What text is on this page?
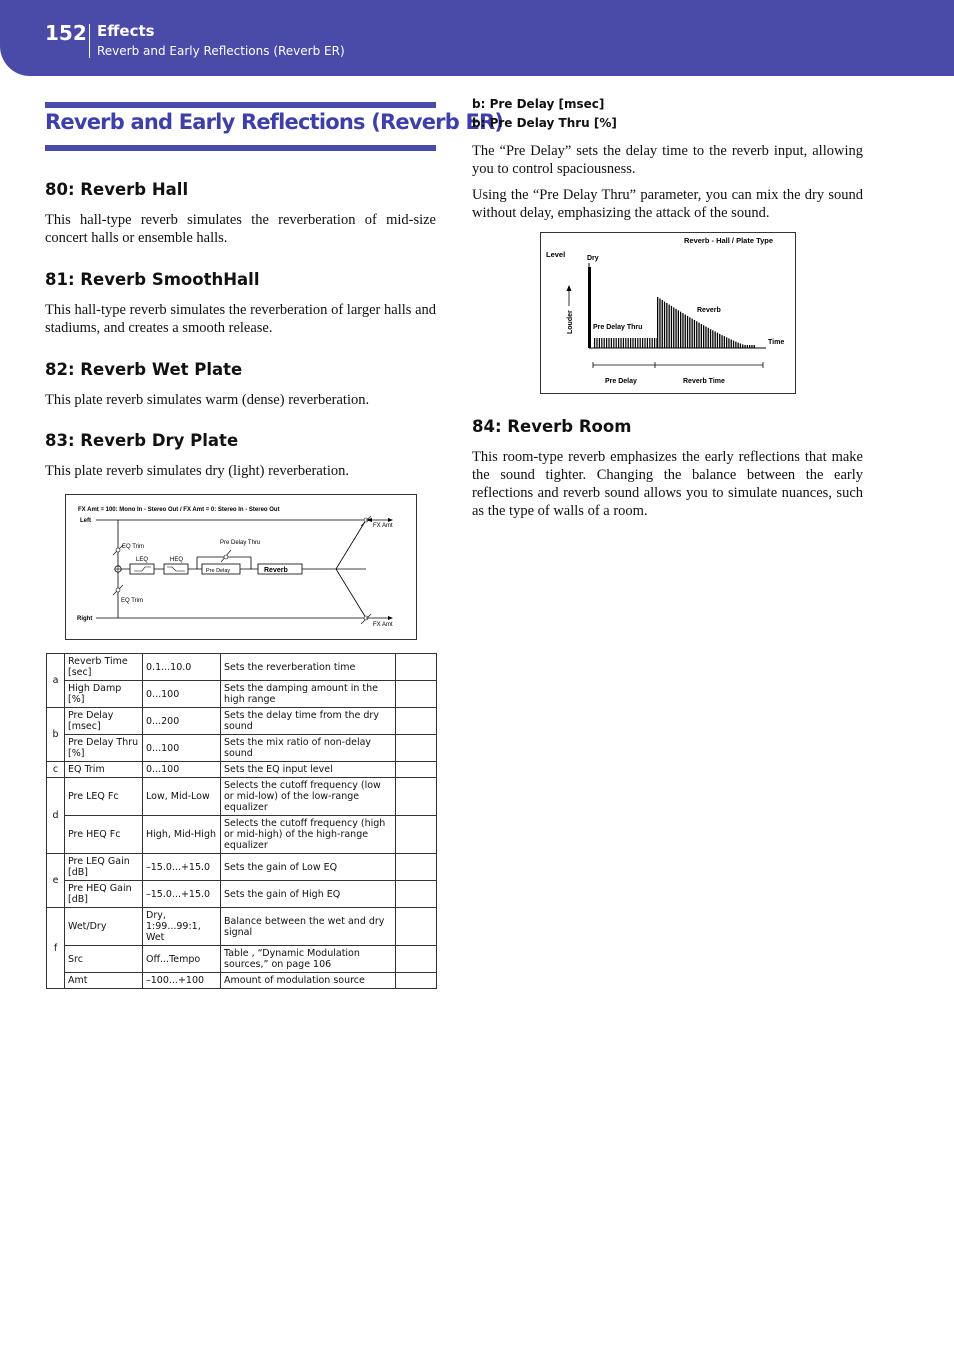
152 Effects
Reverb and Early Reflections (Reverb ER)
Reverb and Early Reflections (Reverb ER)
80: Reverb Hall
This hall-type reverb simulates the reverberation of mid-size concert halls or ensemble halls.
81: Reverb SmoothHall
This hall-type reverb simulates the reverberation of larger halls and stadiums, and creates a smooth release.
82: Reverb Wet Plate
This plate reverb simulates warm (dense) reverberation.
83: Reverb Dry Plate
This plate reverb simulates dry (light) reverberation.
FX Amt = 100: Mono In - Stereo Out / FX Amt = 0: Stereo In - Stereo Out
Left
Right
EQ Trim
EQ Trim
LEQ	HEQ
Pre Delay Thru
Pre Delay	Reverb
FX Amt
FX Amt
a	Reverb Time [sec]	0.1...10.0	Sets the reverberation time	
	High Damp [%]	0...100	Sets the damping amount in the high range	
b	Pre Delay [msec]	0...200	Sets the delay time from the dry sound	
	Pre Delay Thru [%]	0...100	Sets the mix ratio of non-delay sound	
c	EQ Trim	0...100	Sets the EQ input level	
d	Pre LEQ Fc	Low, Mid-Low	Selects the cutoff frequency (low or mid-low) of the low-range equalizer	
	Pre HEQ Fc	High, Mid-High	Selects the cutoff frequency (high or mid-high) of the high-range equalizer	
e	Pre LEQ Gain [dB]	–15.0...+15.0	Sets the gain of Low EQ	
	Pre HEQ Gain [dB]	–15.0...+15.0	Sets the gain of High EQ	
f	Wet/Dry	Dry, 1:99...99:1, Wet	Balance between the wet and dry signal	
	Src	Off...Tempo	Table , “Dynamic Modulation sources,” on page 106	
	Amt	–100...+100	Amount of modulation source	
b: Pre Delay [msec]
b: Pre Delay Thru [%]
The “Pre Delay” sets the delay time to the reverb input, allowing you to control spaciousness.
Using the “Pre Delay Thru” parameter, you can mix the dry sound without delay, emphasizing the attack of the sound.
Reverb - Hall / Plate Type
Level	Dry
Pre Delay Thru
Reverb
Time
Pre Delay	Reverb Time
Louder
84: Reverb Room
This room-type reverb emphasizes the early reflections that make the sound tighter. Changing the balance between the early reflections and reverb sound allows you to simulate nuances, such as the type of walls of a room.
